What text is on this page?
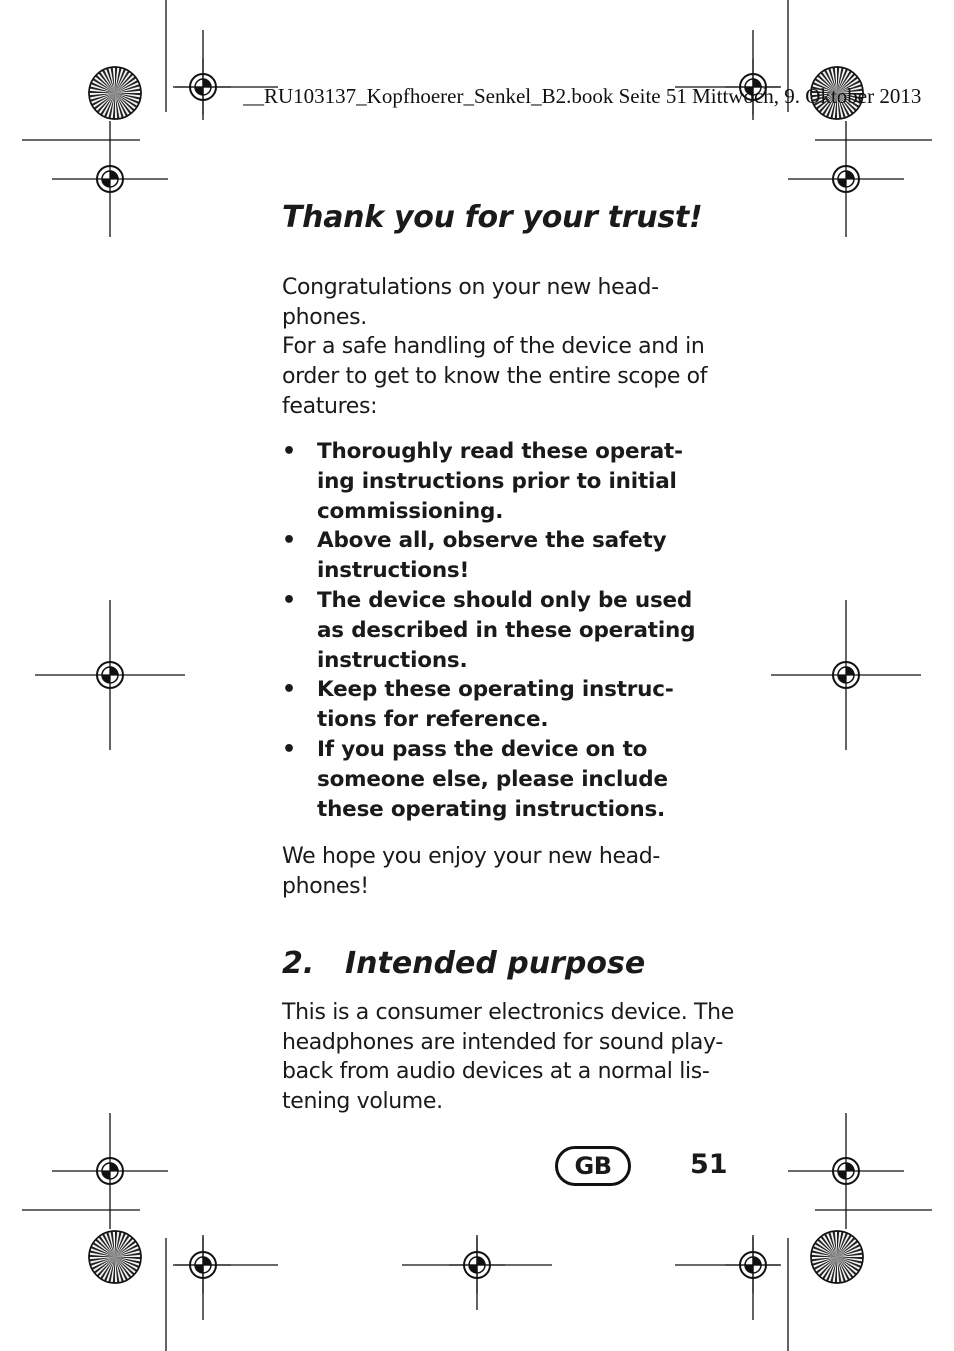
__RU103137_Kopfhoerer_Senkel_B2.book Seite 51 Mittwoch, 9. Oktober 2013
Thank you for your trust!
Congratulations on your new head-
phones.
For a safe handling of the device and in
order to get to know the entire scope of
features:
• Thoroughly read these operat-
ing instructions prior to initial
commissioning.
• Above all, observe the safety
instructions!
• The device should only be used
as described in these operating
instructions.
• Keep these operating instruc-
tions for reference.
• If you pass the device on to
someone else, please include
these operating instructions.
We hope you enjoy your new head-
phones!
2. Intended purpose
This is a consumer electronics device. The
headphones are intended for sound play-
back from audio devices at a normal lis-
tening volume.
GB	51
